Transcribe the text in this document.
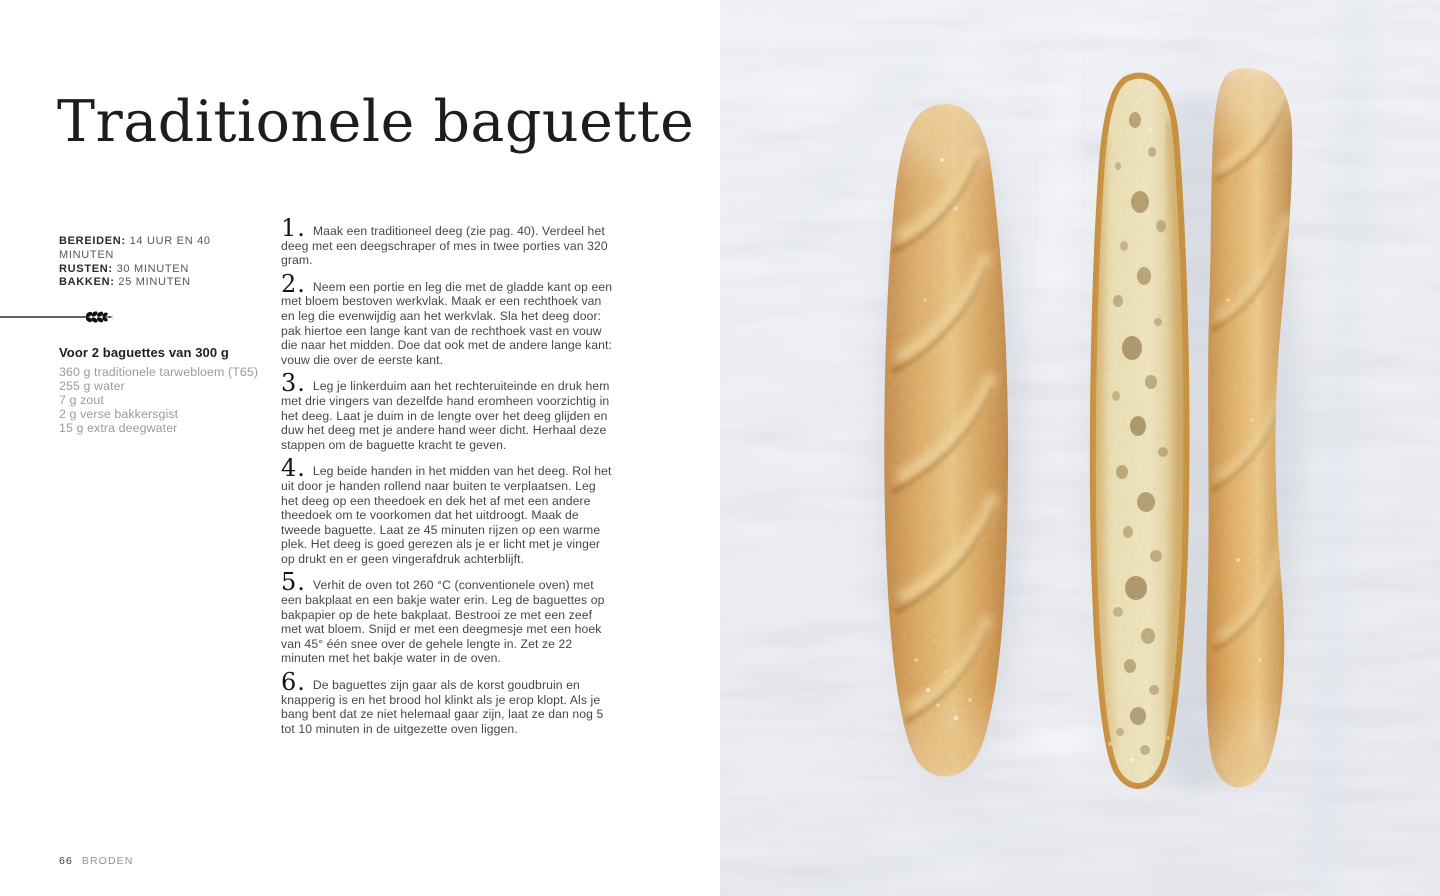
Traditionele baguette
BEREIDEN: 14 UUR EN 40 MINUTEN
RUSTEN: 30 MINUTEN
BAKKEN: 25 MINUTEN

Voor 2 baguettes van 300 g

360 g traditionele tarwebloem (T65)
255 g water
7 g zout
2 g verse bakkersgist
15 g extra deegwater

1. Maak een traditioneel deeg (zie pag. 40). Verdeel het deeg met een deegschraper of mes in twee porties van 320 gram.

2. Neem een portie en leg die met de gladde kant op een met bloem bestoven werkvlak. Maak er een rechthoek van en leg die evenwijdig aan het werkvlak. Sla het deeg door: pak hiertoe een lange kant van de rechthoek vast en vouw die naar het midden. Doe dat ook met de andere lange kant: vouw die over de eerste kant.

3. Leg je linkerduim aan het rechteruiteinde en druk hem met drie vingers van dezelfde hand eromheen voorzichtig in het deeg. Laat je duim in de lengte over het deeg glijden en duw het deeg met je andere hand weer dicht. Herhaal deze stappen om de baguette kracht te geven.

4. Leg beide handen in het midden van het deeg. Rol het uit door je handen rollend naar buiten te verplaatsen. Leg het deeg op een theedoek en dek het af met een andere theedoek om te voorkomen dat het uitdroogt. Maak de tweede baguette. Laat ze 45 minuten rijzen op een warme plek. Het deeg is goed gerezen als je er licht met je vinger op drukt en er geen vingerafdruk achterblijft.

5. Verhit de oven tot 260 °C (conventionele oven) met een bakplaat en een bakje water erin. Leg de baguettes op bakpapier op de hete bakplaat. Bestrooi ze met een zeef met wat bloem. Snijd er met een deegmesje met een hoek van 45° één snee over de gehele lengte in. Zet ze 22 minuten met het bakje water in de oven.

6. De baguettes zijn gaar als de korst goudbruin en knapperig is en het brood hol klinkt als je erop klopt. Als je bang bent dat ze niet helemaal gaar zijn, laat ze dan nog 5 tot 10 minuten in de uitgezette oven liggen.

66 BRODEN
